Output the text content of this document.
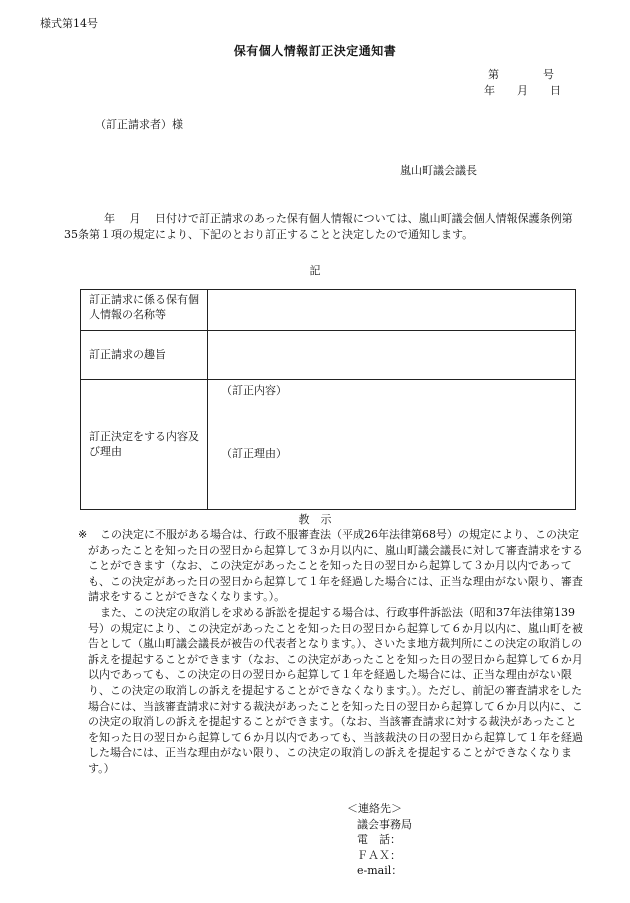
様式第14号
保有個人情報訂正決定通知書
第　　　　号
年　　月　　日
（訂正請求者）様
嵐山町議会議長
年　 月　 日付けで訂正請求のあった保有個人情報については、嵐山町議会個人情報保護条例第35条第１項の規定により、下記のとおり訂正することと決定したので通知します。
記
訂正請求に係る保有個人情報の名称等
訂正請求の趣旨
訂正決定をする内容及び理由
（訂正内容）
（訂正理由）
教　示
※	この決定に不服がある場合は、行政不服審査法（平成26年法律第68号）の規定により、この決定があったことを知った日の翌日から起算して３か月以内に、嵐山町議会議長に対して審査請求をすることができます（なお、この決定があったことを知った日の翌日から起算して３か月以内であっても、この決定があった日の翌日から起算して１年を経過した場合には、正当な理由がない限り、審査請求をすることができなくなります。）。

また、この決定の取消しを求める訴訟を提起する場合は、行政事件訴訟法（昭和37年法律第139号）の規定により、この決定があったことを知った日の翌日から起算して６か月以内に、嵐山町を被告として（嵐山町議会議長が被告の代表者となります。）、さいたま地方裁判所にこの決定の取消しの訴えを提起することができます（なお、この決定があったことを知った日の翌日から起算して６か月以内であっても、この決定の日の翌日から起算して１年を経過した場合には、正当な理由がない限り、この決定の取消しの訴えを提起することができなくなります。）。ただし、前記の審査請求をした場合には、当該審査請求に対する裁決があったことを知った日の翌日から起算して６か月以内に、この決定の取消しの訴えを提起することができます。（なお、当該審査請求に対する裁決があったことを知った日の翌日から起算して６か月以内であっても、当該裁決の日の翌日から起算して１年を経過した場合には、正当な理由がない限り、この決定の取消しの訴えを提起することができなくなります。）

＜連絡先＞
議会事務局
電　話：
ＦＡＸ：
e-mail：
